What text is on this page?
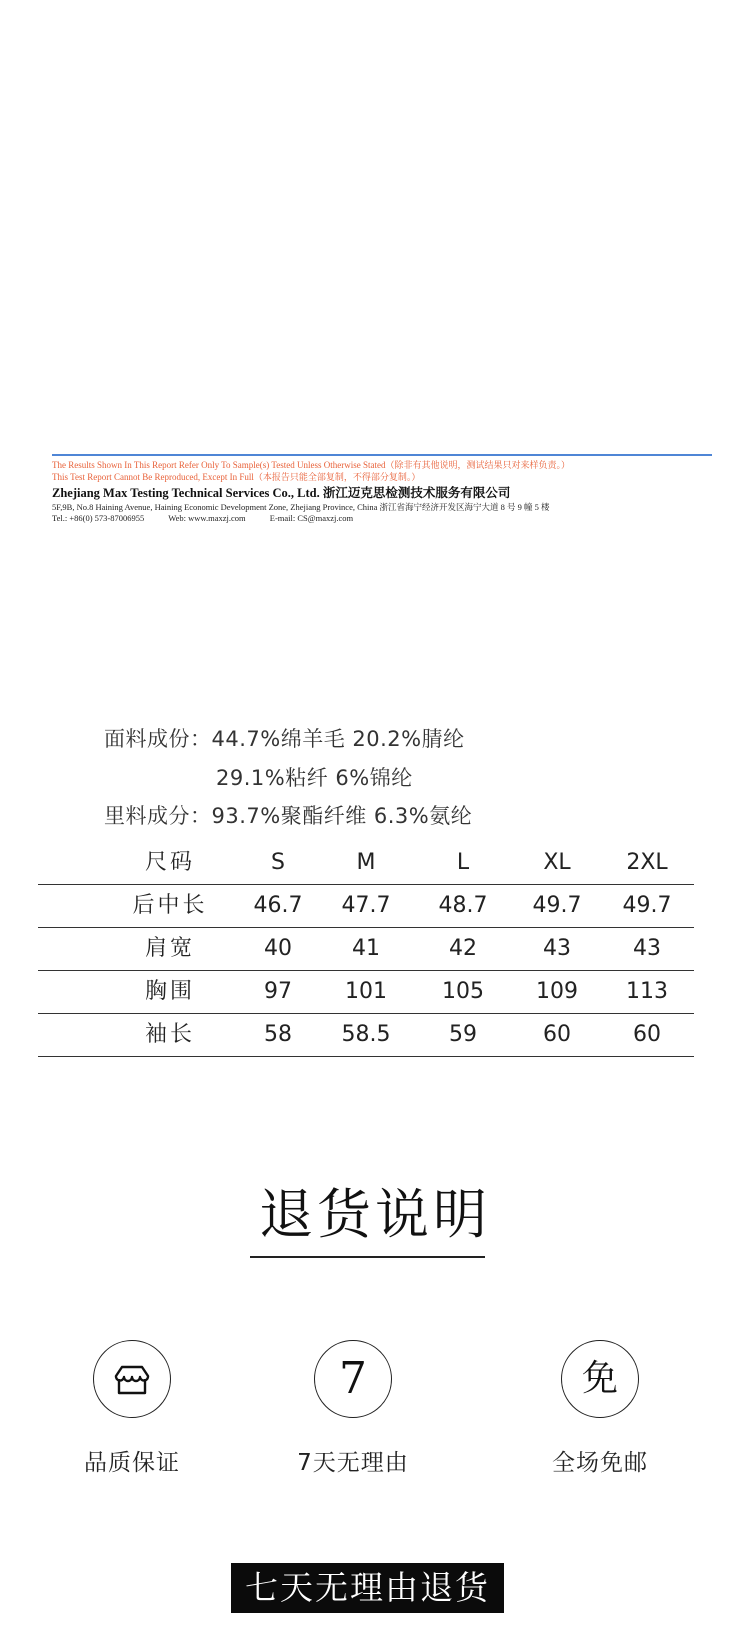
The Results Shown In This Report Refer Only To Sample(s) Tested Unless Otherwise Stated（除非有其他说明，测试结果只对来样负责。）
This Test Report Cannot Be Reproduced, Except In Full（本报告只能全部复制，不得部分复制。）
Zhejiang Max Testing Technical Services Co., Ltd. 浙江迈克思检测技术服务有限公司
5F,9B, No.8 Haining Avenue, Haining Economic Development Zone, Zhejiang Province, China 浙江省海宁经济开发区海宁大道 8 号 9 幢 5 楼
Tel.: +86(0) 573-87006955	Web: www.maxzj.com	E-mail: CS@maxzj.com
面料成份：44.7%绵羊毛 20.2%腈纶
29.1%粘纤 6%锦纶
里料成分：93.7%聚酯纤维 6.3%氨纶
尺码	S	M	L	XL	2XL
后中长	46.7	47.7	48.7	49.7	49.7
肩宽	40	41	42	43	43
胸围	97	101	105	109	113
袖长	58	58.5	59	60	60
退货说明
品质保证
7
7天无理由
免
全场免邮
七天无理由退货
